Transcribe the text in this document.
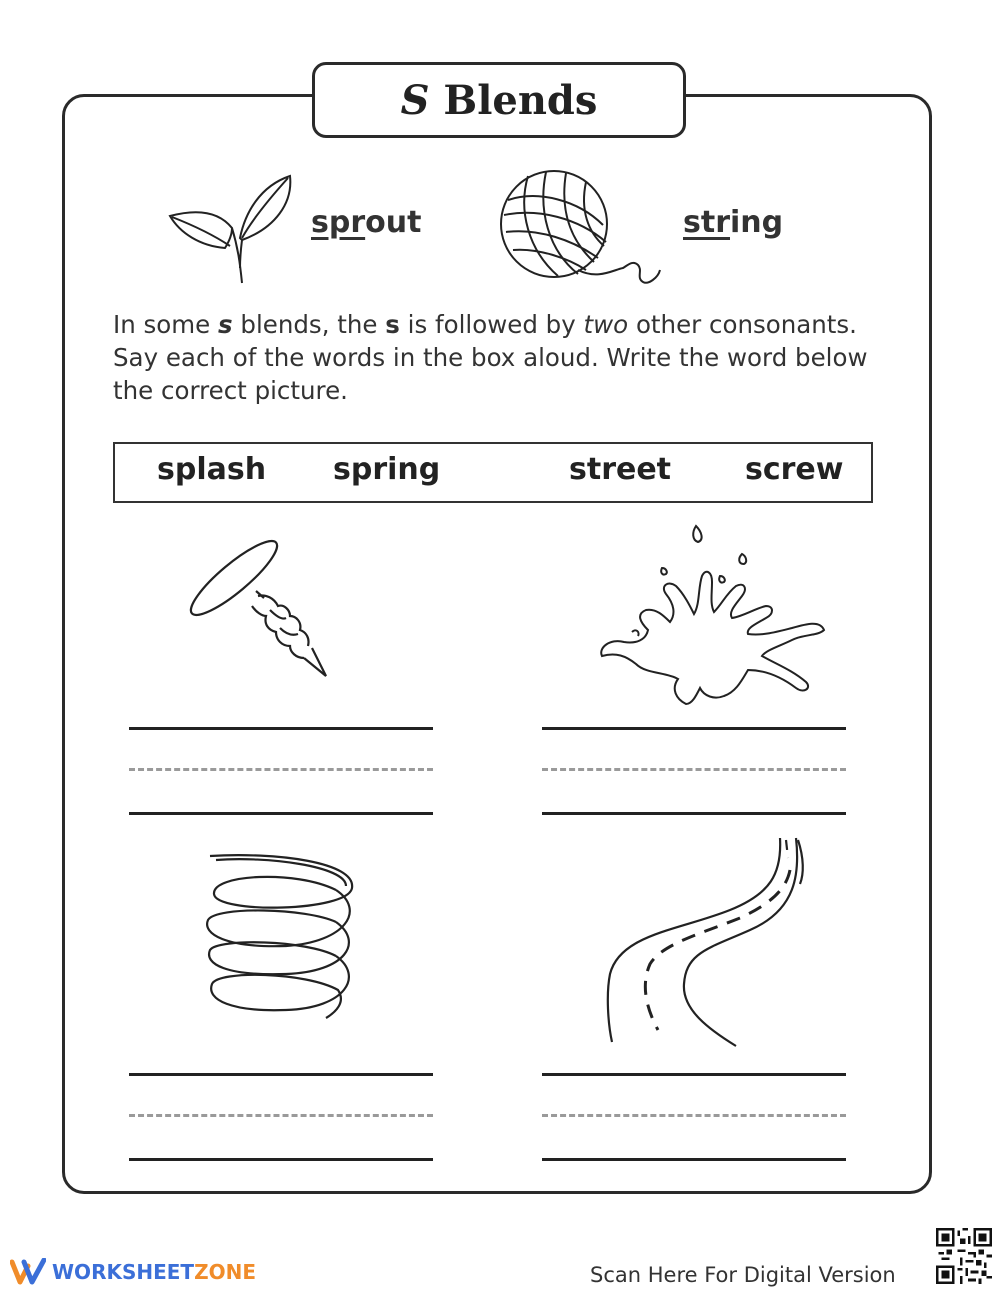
S Blends
sprout	string
In some s blends, the s is followed by two other consonants. Say each of the words in the box aloud. Write the word below the correct picture.
splash spring	street screw
WORKSHEETZONE	Scan Here For Digital Version
